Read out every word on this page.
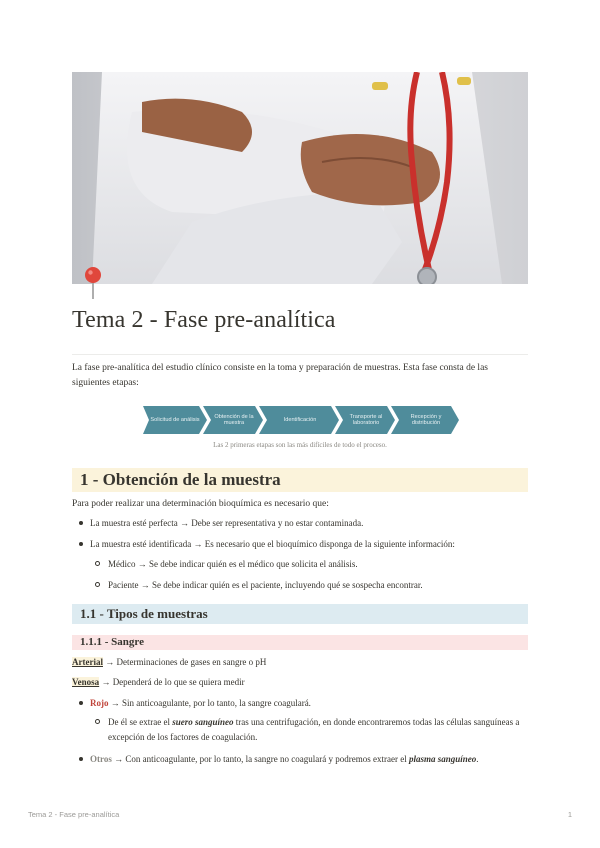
Tema 2 - Fase pre-analítica

La fase pre-analítica del estudio clínico consiste en la toma y preparación de muestras. Esta fase consta de las siguientes etapas:

Solicitud de análisis
Obtención de la muestra
Identificación
Transporte al laboratorio
Recepción y distribución

Las 2 primeras etapas son las más difíciles de todo el proceso.

1 - Obtención de la muestra

Para poder realizar una determinación bioquímica es necesario que:

La muestra esté perfecta → Debe ser representativa y no estar contaminada.

La muestra esté identificada → Es necesario que el bioquímico disponga de la siguiente información:

Médico → Se debe indicar quién es el médico que solicita el análisis.

Paciente → Se debe indicar quién es el paciente, incluyendo qué se sospecha encontrar.

1.1 - Tipos de muestras
1.1.1 - Sangre

Arterial → Determinaciones de gases en sangre o pH

Venosa → Dependerá de lo que se quiera medir

Rojo → Sin anticoagulante, por lo tanto, la sangre coagulará.

De él se extrae el suero sanguíneo tras una centrifugación, en donde encontraremos todas las células sanguíneas a excepción de los factores de coagulación.

Otros → Con anticoagulante, por lo tanto, la sangre no coagulará y podremos extraer el plasma sanguíneo.

Tema 2 - Fase pre-analítica	1
